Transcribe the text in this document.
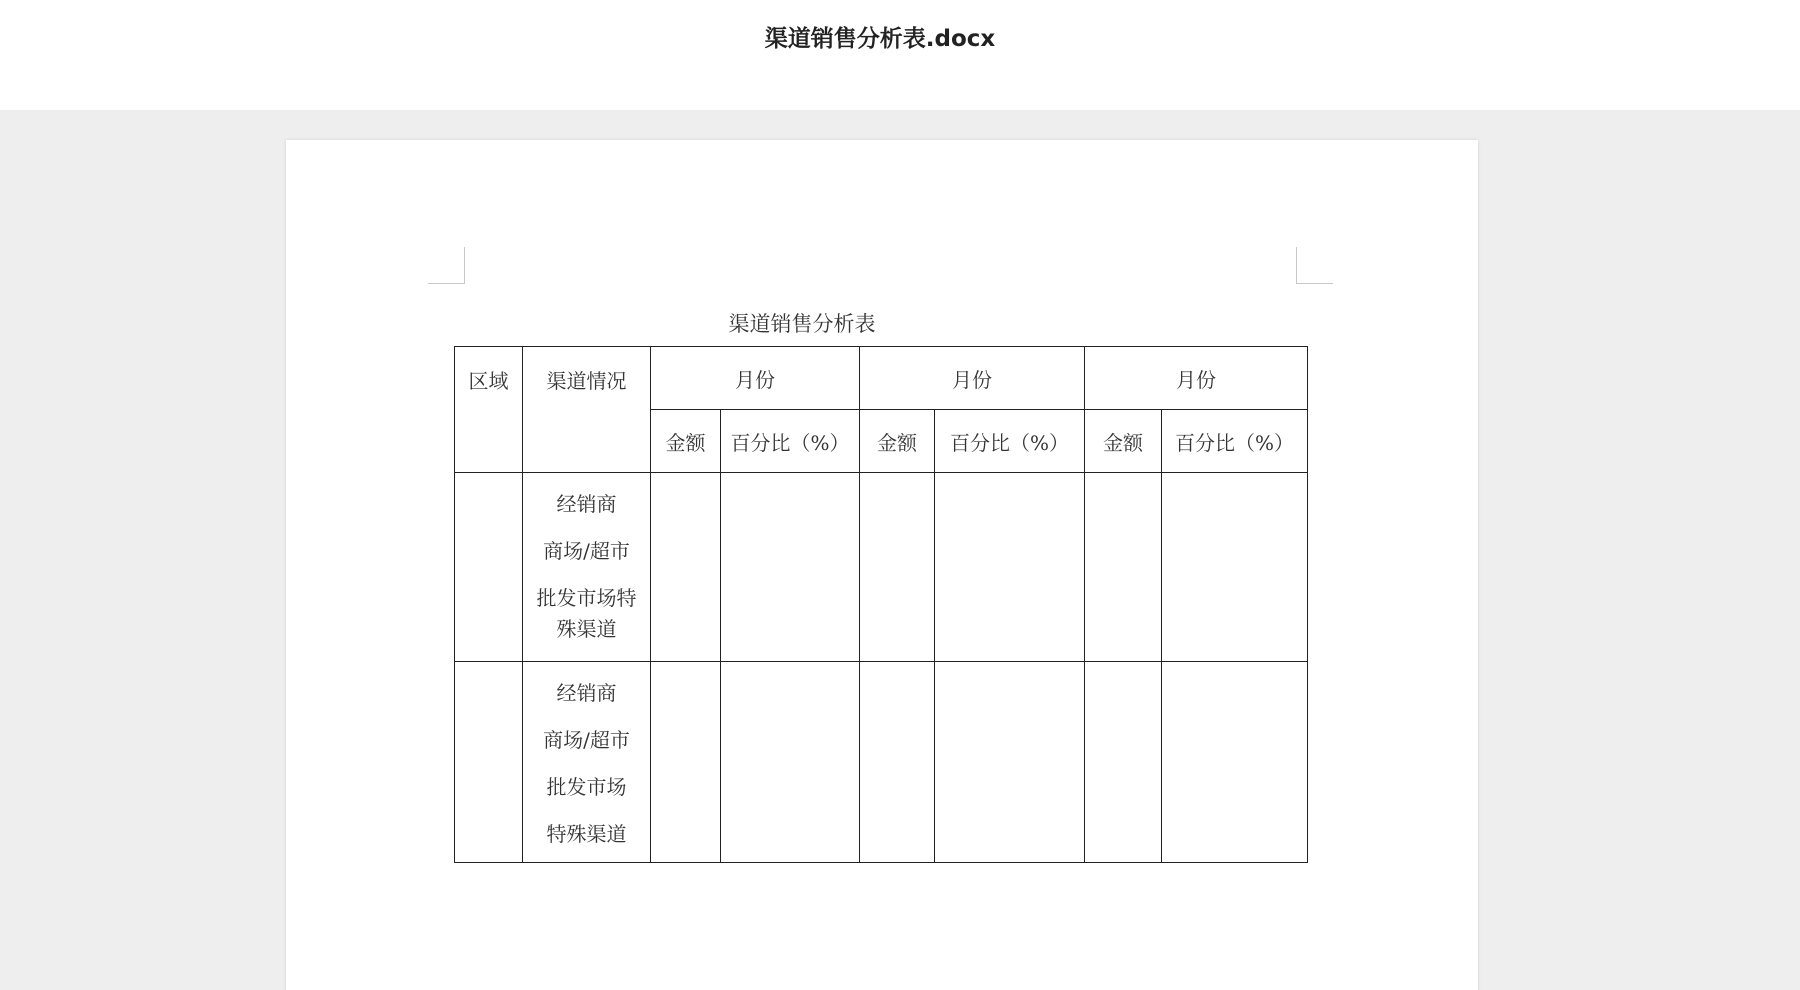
渠道销售分析表.docx
渠道销售分析表
区域	渠道情况	月份		月份		月份	
		金额	百分比（%）	金额	百分比（%）	金额	百分比（%）

	经销商
商场/超市
批发市场特殊渠道						

	经销商
商场/超市
批发市场
特殊渠道						
